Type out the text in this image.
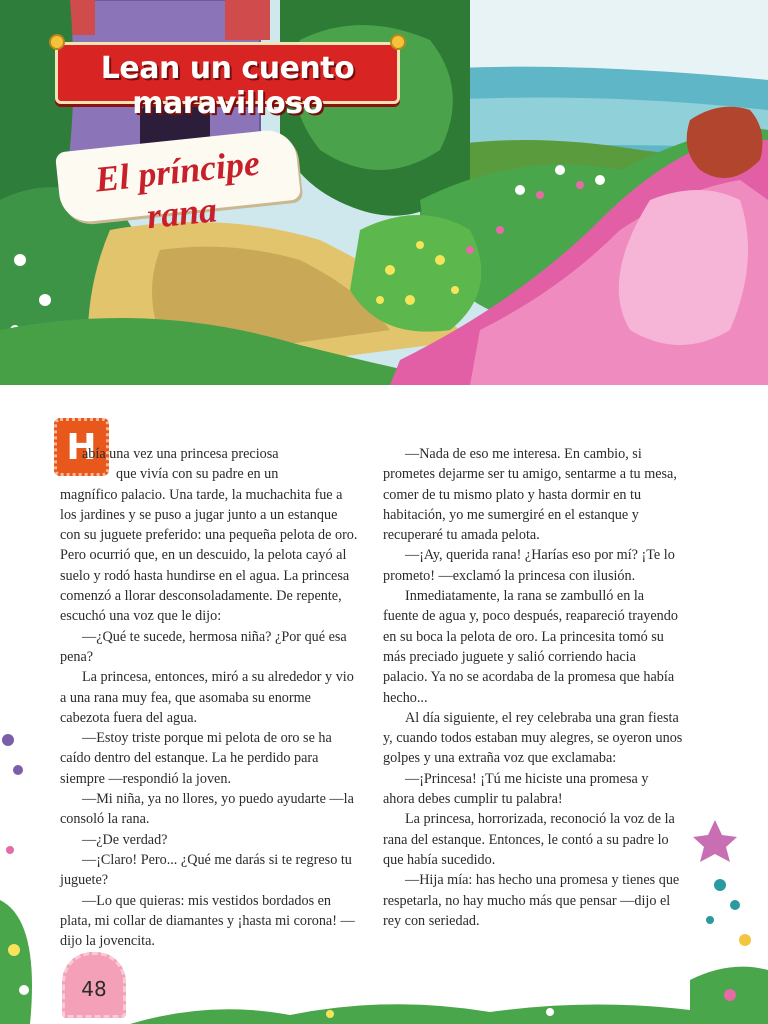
Lean un cuento maravilloso
El príncipe rana
H

abía una vez una princesa preciosa

que vivía con su padre en un

magnífico palacio. Una tarde, la muchachita fue a los jardines y se puso a jugar junto a un estanque con su juguete preferido: una pequeña pelota de oro. Pero ocurrió que, en un descuido, la pelota cayó al suelo y rodó hasta hundirse en el agua. La princesa comenzó a llorar desconsoladamente. De repente, escuchó una voz que le dijo:

—¿Qué te sucede, hermosa niña? ¿Por qué esa pena?

La princesa, entonces, miró a su alrededor y vio a una rana muy fea, que asomaba su enorme cabezota fuera del agua.

—Estoy triste porque mi pelota de oro se ha caído dentro del estanque. La he perdido para siempre —respondió la joven.

—Mi niña, ya no llores, yo puedo ayudarte —la consoló la rana.

—¿De verdad?

—¡Claro! Pero... ¿Qué me darás si te regreso tu juguete?

—Lo que quieras: mis vestidos bordados en plata, mi collar de diamantes y ¡hasta mi corona! —dijo la jovencita.

—Nada de eso me interesa. En cambio, si prometes dejarme ser tu amigo, sentarme a tu mesa, comer de tu mismo plato y hasta dormir en tu habitación, yo me sumergiré en el estanque y recuperaré tu amada pelota.

—¡Ay, querida rana! ¿Harías eso por mí? ¡Te lo prometo! —exclamó la princesa con ilusión.

Inmediatamente, la rana se zambulló en la fuente de agua y, poco después, reapareció trayendo en su boca la pelota de oro. La princesita tomó su más preciado juguete y salió corriendo hacia palacio. Ya no se acordaba de la promesa que había hecho...

Al día siguiente, el rey celebraba una gran fiesta y, cuando todos estaban muy alegres, se oyeron unos golpes y una extraña voz que exclamaba:

—¡Princesa! ¡Tú me hiciste una promesa y ahora debes cumplir tu palabra!

La princesa, horrorizada, reconoció la voz de la rana del estanque. Entonces, le contó a su padre lo que había sucedido.

—Hija mía: has hecho una promesa y tienes que respetarla, no hay mucho más que pensar —dijo el rey con seriedad.

48
